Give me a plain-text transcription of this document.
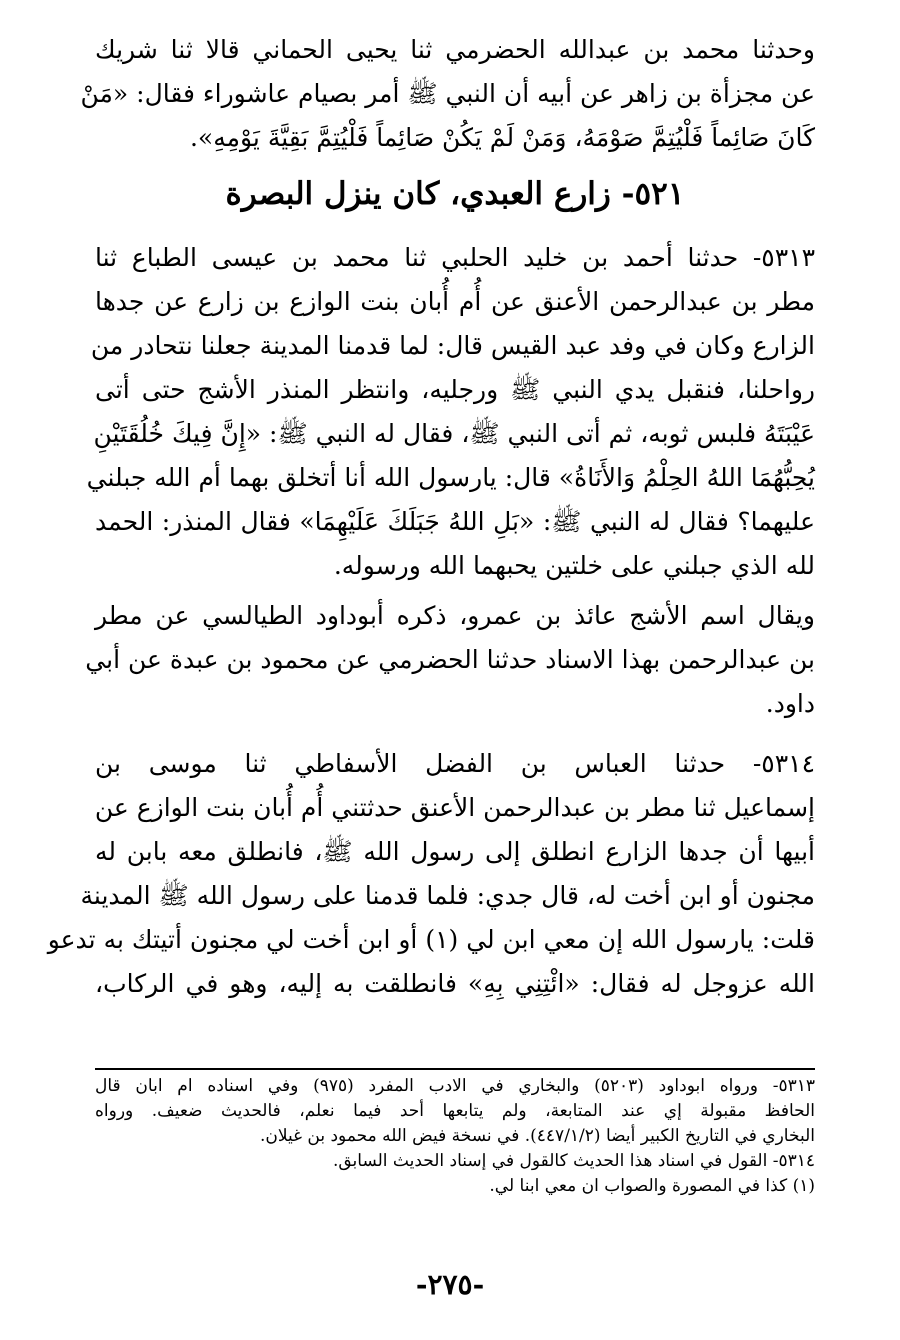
وحدثنا محمد بن عبدالله الحضرمي ثنا يحيى الحماني قالا ثنا شريك
عن مجزأة بن زاهر عن أبيه أن النبي ﷺ أمر بصيام عاشوراء فقال: «مَنْ
كَانَ صَائِماً فَلْيُتِمَّ صَوْمَهُ، وَمَنْ لَمْ يَكُنْ صَائِماً فَلْيُتِمَّ بَقِيَّةَ يَوْمِهِ».
٥٢١- زارع العبدي، كان ينزل البصرة
٥٣١٣- حدثنا أحمد بن خليد الحلبي ثنا محمد بن عيسى الطباع ثنا
مطر بن عبدالرحمن الأعنق عن أُم أُبان بنت الوازع بن زارع عن جدها
الزارع وكان في وفد عبد القيس قال: لما قدمنا المدينة جعلنا نتحادر من
رواحلنا، فنقبل يدي النبي ﷺ ورجليه، وانتظر المنذر الأشج حتى أتى
عَيْبَتَهُ فلبس ثوبه، ثم أتى النبي ﷺ، فقال له النبي ﷺ: «إِنَّ فِيكَ خُلُقَتَيْنِ
يُحِبُّهُمَا اللهُ الحِلْمُ وَالأَنَاةُ» قال: يارسول الله أنا أتخلق بهما أم الله جبلني
عليهما؟ فقال له النبي ﷺ: «بَلِ اللهُ جَبَلَكَ عَلَيْهِمَا» فقال المنذر: الحمد
لله الذي جبلني على خلتين يحبهما الله ورسوله.
ويقال اسم الأشج عائذ بن عمرو، ذكره أبوداود الطيالسي عن مطر
بن عبدالرحمن بهذا الاسناد حدثنا الحضرمي عن محمود بن عبدة عن أبي
داود.
٥٣١٤- حدثنا العباس بن الفضل الأسفاطي ثنا موسى بن
إسماعيل ثنا مطر بن عبدالرحمن الأعنق حدثتني أُم أُبان بنت الوازع عن
أبيها أن جدها الزارع انطلق إلى رسول الله ﷺ، فانطلق معه بابن له
مجنون أو ابن أخت له، قال جدي: فلما قدمنا على رسول الله ﷺ المدينة
قلت: يارسول الله إن معي ابن لي (١) أو ابن أخت لي مجنون أتيتك به تدعو
الله عزوجل له فقال: «ائْتِنِي بِهِ» فانطلقت به إليه، وهو في الركاب،
٥٣١٣- ورواه ابوداود (٥٢٠٣) والبخاري في الادب المفرد (٩٧٥) وفي اسناده ام ابان قال
الحافظ مقبولة إي عند المتابعة، ولم يتابعها أحد فيما نعلم، فالحديث ضعيف. ورواه
البخاري في التاريخ الكبير أيضا (٤٤٧/١/٢). في نسخة فيض الله محمود بن غيلان.
٥٣١٤- القول في اسناد هذا الحديث كالقول في إسناد الحديث السابق.
(١) كذا في المصورة والصواب ان معي ابنا لي.
-٢٧٥-
